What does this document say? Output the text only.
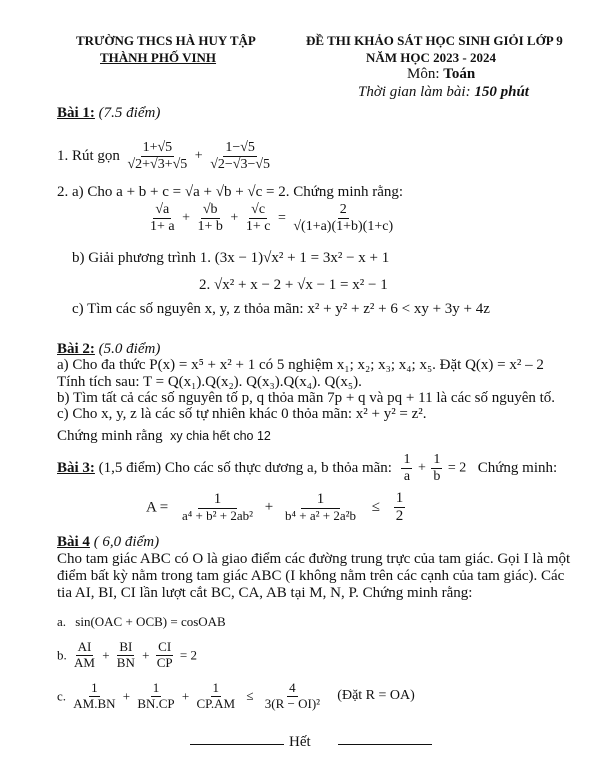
TRƯỜNG THCS HÀ HUY TẬP
THÀNH PHỐ VINH
ĐỀ THI KHẢO SÁT HỌC SINH GIỎI LỚP 9
NĂM HỌC 2023 - 2024
Môn: Toán
Thời gian làm bài: 150 phút
Bài 1: (7.5 điểm)
1. Rút gọn $\frac{1+√5}{√2+√3+√5} + \frac{1-√5}{√2-√3-√5}$
2. a) Cho a + b + c = √a + √b + √c = 2. Chứng minh rằng:
$\frac{√a}{1+ a} + \frac{√b}{1+ b} + \frac{√c}{1+ c} = \frac{2}{√(1+a)(1+b)(1+c)}$
b) Giải phương trình 1. (3x − 1)√x² + 1 = 3x² − x + 1
2. √x² + x − 2 + √x − 1 = x² − 1
c) Tìm các số nguyên x, y, z thỏa mãn: x² + y² + z² + 6 < xy + 3y + 4z
Bài 2: (5.0 điểm)
a) Cho đa thức P(x) = x⁵ + x² + 1 có 5 nghiệm x₁; x₂; x₃; x₄; x₅. Đặt Q(x) = x² – 2
Tính tích sau: T = Q(x₁).Q(x₂). Q(x₃).Q(x₄). Q(x₅).
b) Tìm tất cả các số nguyên tố p, q thỏa mãn 7p + q và pq + 11 là các số nguyên tố.
c) Cho x, y, z là các số tự nhiên khác 0 thỏa mãn: x² + y² = z².
Chứng minh rằng xy chia hết cho 12
Bài 3: (1,5 điểm) Cho các số thực dương a, b thỏa mãn: $\frac{1}{a} + \frac{1}{b} = 2$ Chứng minh:
$A = \frac{1}{\text{a⁴ + b² + 2ab²}} + \frac{1}{\text{b⁴ + a² + 2a²b}} \le \frac{1}{2}$
Bài 4 ( 6,0 điểm)
Cho tam giác ABC có O là giao điểm các đường trung trực của tam giác. Gọi I là một
điểm bất kỳ nằm trong tam giác ABC (I không nằm trên các cạnh của tam giác). Các
tia AI, BI, CI lần lượt cắt BC, CA, AB tại M, N, P. Chứng minh rằng:
a. sin(OAC + OCB) = cosOAB
b. $\frac{AI}{AM} + \frac{BI}{BN} + \frac{CI}{CP} = 2$
c. $\frac{1}{AM.BN} + \frac{1}{BN.CP} + \frac{1}{CP.AM} \le \frac{4}{\text{3(R − OI)²}}$ (Đặt R = OA)
Hết
